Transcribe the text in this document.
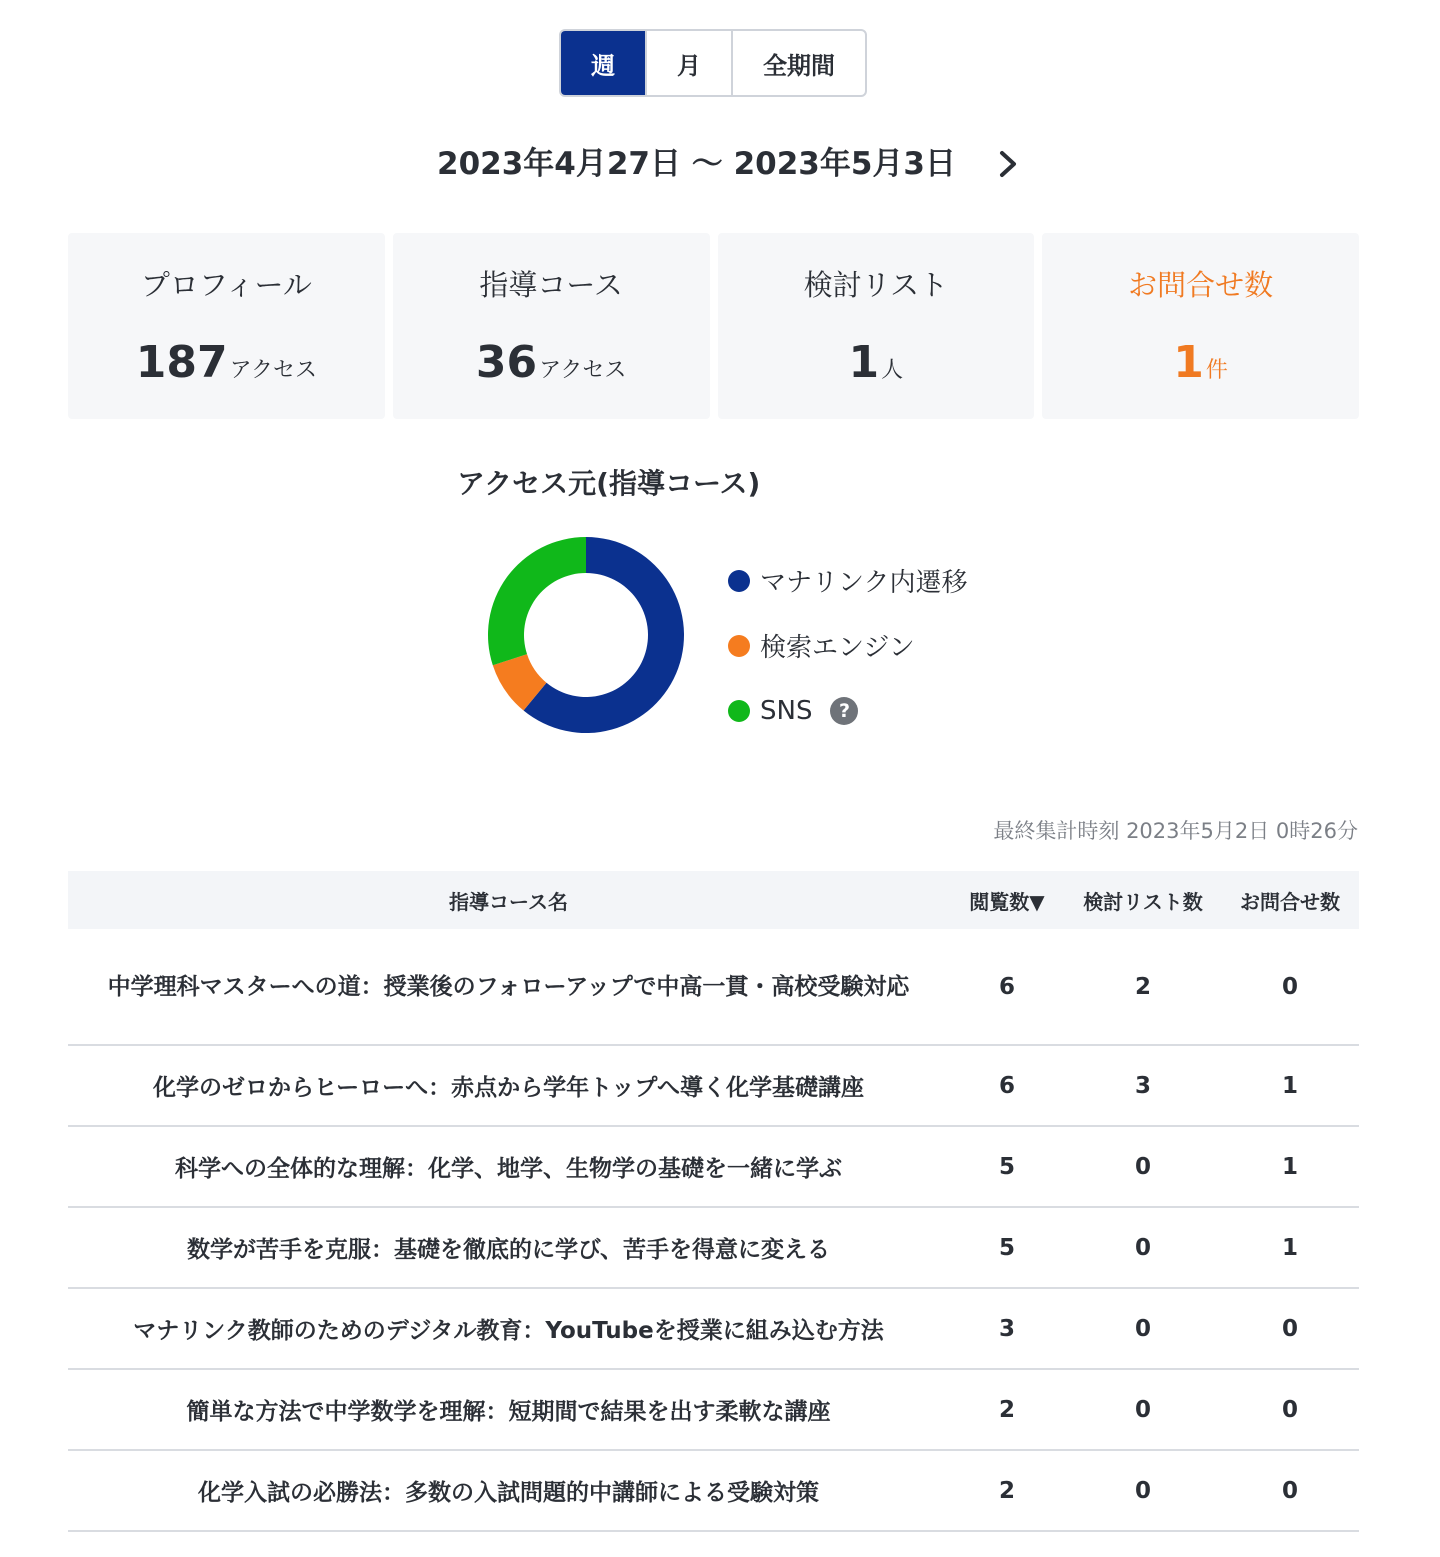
週	月	全期間
2023年4月27日 ～ 2023年5月3日
プロフィール
187アクセス
指導コース
36アクセス
検討リスト
1人
お問合せ数
1件
アクセス元(指導コース)
マナリンク内遷移
検索エンジン
SNS	?
最終集計時刻 2023年5月2日 0時26分
指導コース名	閲覧数▼	検討リスト数	お問合せ数
中学理科マスターへの道：授業後のフォローアップで中高一貫・高校受験対応	6	2	0
化学のゼロからヒーローへ：赤点から学年トップへ導く化学基礎講座	6	3	1
科学への全体的な理解：化学、地学、生物学の基礎を一緒に学ぶ	5	0	1
数学が苦手を克服：基礎を徹底的に学び、苦手を得意に変える	5	0	1
マナリンク教師のためのデジタル教育：YouTubeを授業に組み込む方法	3	0	0
簡単な方法で中学数学を理解：短期間で結果を出す柔軟な講座	2	0	0
化学入試の必勝法：多数の入試問題的中講師による受験対策	2	0	0
